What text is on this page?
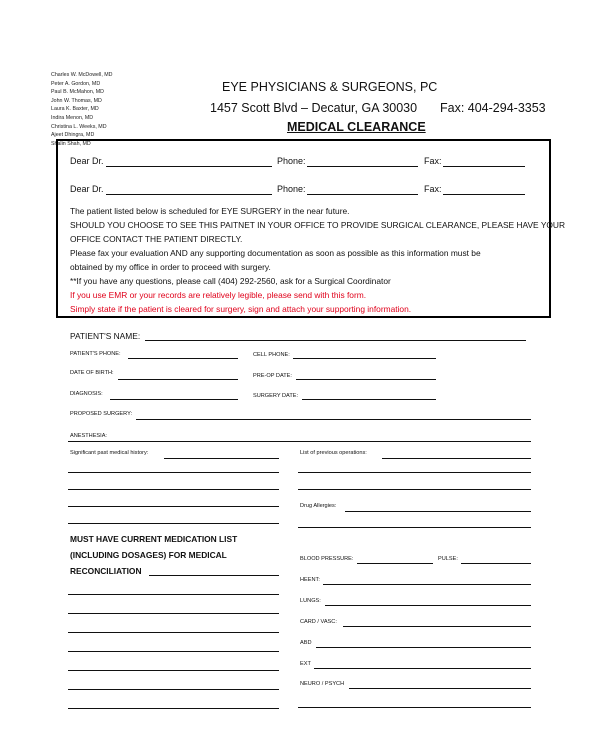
Charles W. McDowell, MD
Peter A. Gordon, MD
Paul B. McMahon, MD
John W. Thomas, MD
Laura K. Baxter, MD
Indira Menon, MD
Christina L. Weeks, MD
Ajeet Dhingra, MD
Shalin Shah, MD
EYE PHYSICIANS & SURGEONS, PC
1457 Scott Blvd – Decatur, GA 30030 Fax: 404-294-3353
MEDICAL CLEARANCE
Dear Dr.	Phone:	Fax:
Dear Dr.	Phone:	Fax:
The patient listed below is scheduled for EYE SURGERY in the near future.
SHOULD YOU CHOOSE TO SEE THIS PAITNET IN YOUR OFFICE TO PROVIDE SURGICAL CLEARANCE, PLEASE HAVE YOUR
OFFICE CONTACT THE PATIENT DIRECTLY.
Please fax your evaluation AND any supporting documentation as soon as possible as this information must be
obtained by my office in order to proceed with surgery.
**If you have any questions, please call (404) 292-2560, ask for a Surgical Coordinator
If you use EMR or your records are relatively legible, please send with this form.
Simply state if the patient is cleared for surgery, sign and attach your supporting information.
PATIENT'S NAME:
PATIENT'S PHONE:	CELL PHONE:
DATE OF BIRTH:	PRE-OP DATE:
DIAGNOSIS:	SURGERY DATE:
PROPOSED SURGERY:
ANESTHESIA:
Significant past medical history:	List of previous operations:
Drug Allergies:
MUST HAVE CURRENT MEDICATION LIST
(INCLUDING DOSAGES) FOR MEDICAL
RECONCILIATION
BLOOD PRESSURE:	PULSE:
HEENT:
LUNGS:
CARD / VASC:
ABD
EXT
NEURO / PSYCH
